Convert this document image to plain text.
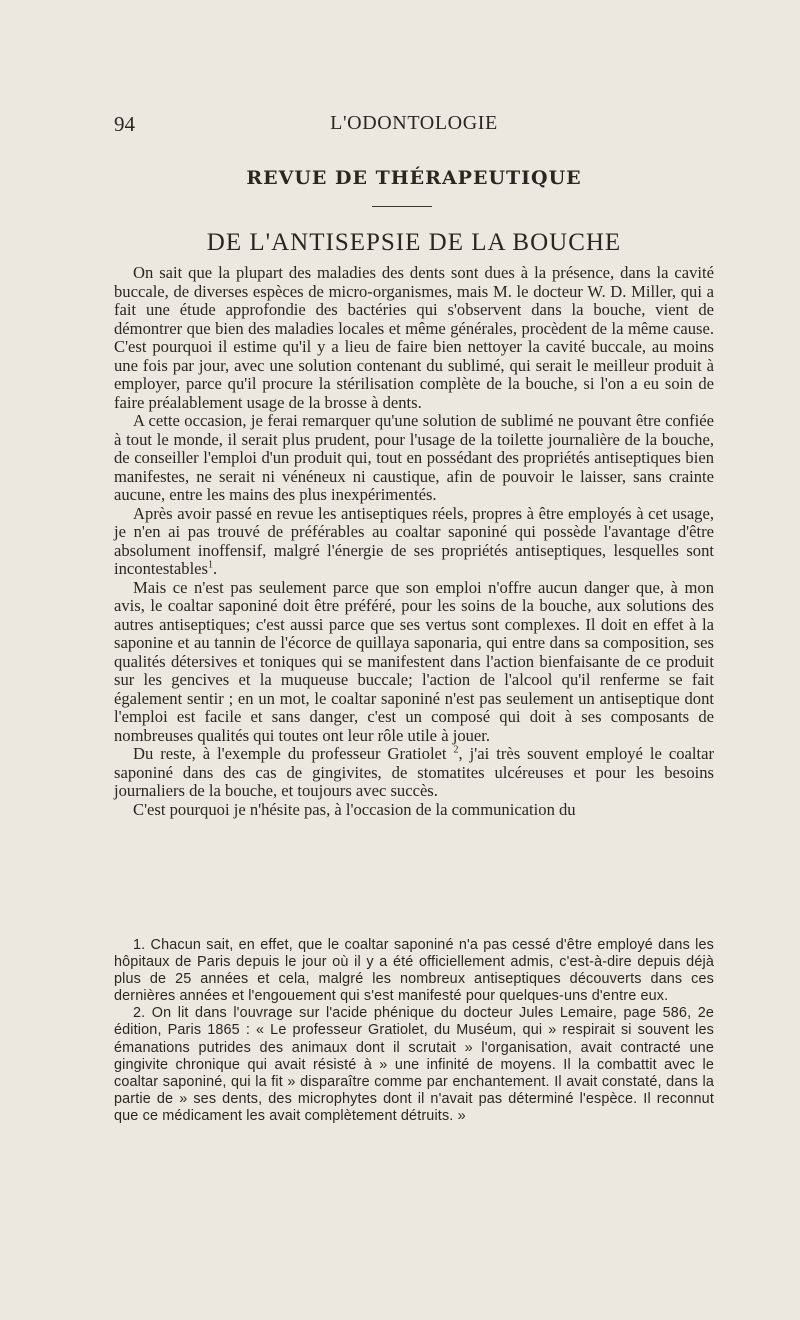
94	L'ODONTOLOGIE
REVUE DE THÉRAPEUTIQUE
DE L'ANTISEPSIE DE LA BOUCHE

On sait que la plupart des maladies des dents sont dues à la présence, dans la cavité buccale, de diverses espèces de micro-organismes, mais M. le docteur W. D. Miller, qui a fait une étude approfondie des bactéries qui s'observent dans la bouche, vient de démontrer que bien des maladies locales et même générales, procèdent de la même cause. C'est pourquoi il estime qu'il y a lieu de faire bien nettoyer la cavité buccale, au moins une fois par jour, avec une solution contenant du sublimé, qui serait le meilleur produit à employer, parce qu'il procure la stérilisation complète de la bouche, si l'on a eu soin de faire préalablement usage de la brosse à dents.

A cette occasion, je ferai remarquer qu'une solution de sublimé ne pouvant être confiée à tout le monde, il serait plus prudent, pour l'usage de la toilette journalière de la bouche, de conseiller l'emploi d'un produit qui, tout en possédant des propriétés antiseptiques bien manifestes, ne serait ni vénéneux ni caustique, afin de pouvoir le laisser, sans crainte aucune, entre les mains des plus inexpérimentés.

Après avoir passé en revue les antiseptiques réels, propres à être employés à cet usage, je n'en ai pas trouvé de préférables au coaltar saponiné qui possède l'avantage d'être absolument inoffensif, malgré l'énergie de ses propriétés antiseptiques, lesquelles sont incontestables$^1$.

Mais ce n'est pas seulement parce que son emploi n'offre aucun danger que, à mon avis, le coaltar saponiné doit être préféré, pour les soins de la bouche, aux solutions des autres antiseptiques; c'est aussi parce que ses vertus sont complexes. Il doit en effet à la saponine et au tannin de l'écorce de quillaya saponaria, qui entre dans sa composition, ses qualités détersives et toniques qui se manifestent dans l'action bienfaisante de ce produit sur les gencives et la muqueuse buccale; l'action de l'alcool qu'il renferme se fait également sentir ; en un mot, le coaltar saponiné n'est pas seulement un antiseptique dont l'emploi est facile et sans danger, c'est un composé qui doit à ses composants de nombreuses qualités qui toutes ont leur rôle utile à jouer.

Du reste, à l'exemple du professeur Gratiolet $^2$, j'ai très souvent employé le coaltar saponiné dans des cas de gingivites, de stomatites ulcéreuses et pour les besoins journaliers de la bouche, et toujours avec succès.

C'est pourquoi je n'hésite pas, à l'occasion de la communication du

1. Chacun sait, en effet, que le coaltar saponiné n'a pas cessé d'être employé dans les hôpitaux de Paris depuis le jour où il y a été officiellement admis, c'est-à-dire depuis déjà plus de 25 années et cela, malgré les nombreux antiseptiques découverts dans ces dernières années et l'engouement qui s'est manifesté pour quelques-uns d'entre eux.

2. On lit dans l'ouvrage sur l'acide phénique du docteur Jules Lemaire, page 586, 2e édition, Paris 1865 : « Le professeur Gratiolet, du Muséum, qui » respirait si souvent les émanations putrides des animaux dont il scrutait » l'organisation, avait contracté une gingivite chronique qui avait résisté à » une infinité de moyens. Il la combattit avec le coaltar saponiné, qui la fit » disparaître comme par enchantement. Il avait constaté, dans la partie de » ses dents, des microphytes dont il n'avait pas déterminé l'espèce. Il reconnut que ce médicament les avait complètement détruits. »
